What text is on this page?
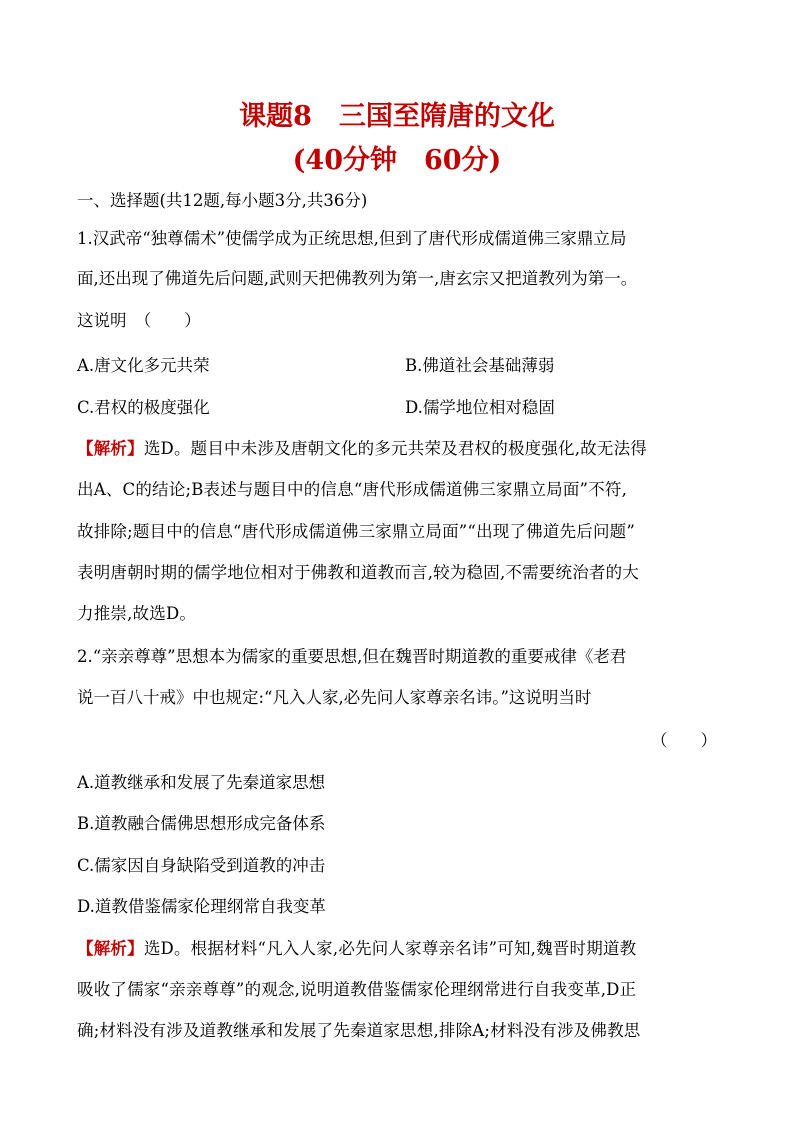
课题8　三国至隋唐的文化
(40分钟　60分)
一、选择题(共12题,每小题3分,共36分)
1.汉武帝“独尊儒术”使儒学成为正统思想,但到了唐代形成儒道佛三家鼎立局
面,还出现了佛道先后问题,武则天把佛教列为第一,唐玄宗又把道教列为第一。
这说明　（　　）
A.唐文化多元共荣	B.佛道社会基础薄弱
C.君权的极度强化	D.儒学地位相对稳固
【解析】选D。题目中未涉及唐朝文化的多元共荣及君权的极度强化,故无法得
出A、C的结论;B表述与题目中的信息“唐代形成儒道佛三家鼎立局面”不符,
故排除;题目中的信息“唐代形成儒道佛三家鼎立局面”“出现了佛道先后问题”
表明唐朝时期的儒学地位相对于佛教和道教而言,较为稳固,不需要统治者的大
力推崇,故选D。
2.“亲亲尊尊”思想本为儒家的重要思想,但在魏晋时期道教的重要戒律《老君
说一百八十戒》中也规定:“凡入人家,必先问人家尊亲名讳。”这说明当时
（　　）
A.道教继承和发展了先秦道家思想
B.道教融合儒佛思想形成完备体系
C.儒家因自身缺陷受到道教的冲击
D.道教借鉴儒家伦理纲常自我变革
【解析】选D。根据材料“凡入人家,必先问人家尊亲名讳”可知,魏晋时期道教
吸收了儒家“亲亲尊尊”的观念,说明道教借鉴儒家伦理纲常进行自我变革,D正
确;材料没有涉及道教继承和发展了先秦道家思想,排除A;材料没有涉及佛教思
